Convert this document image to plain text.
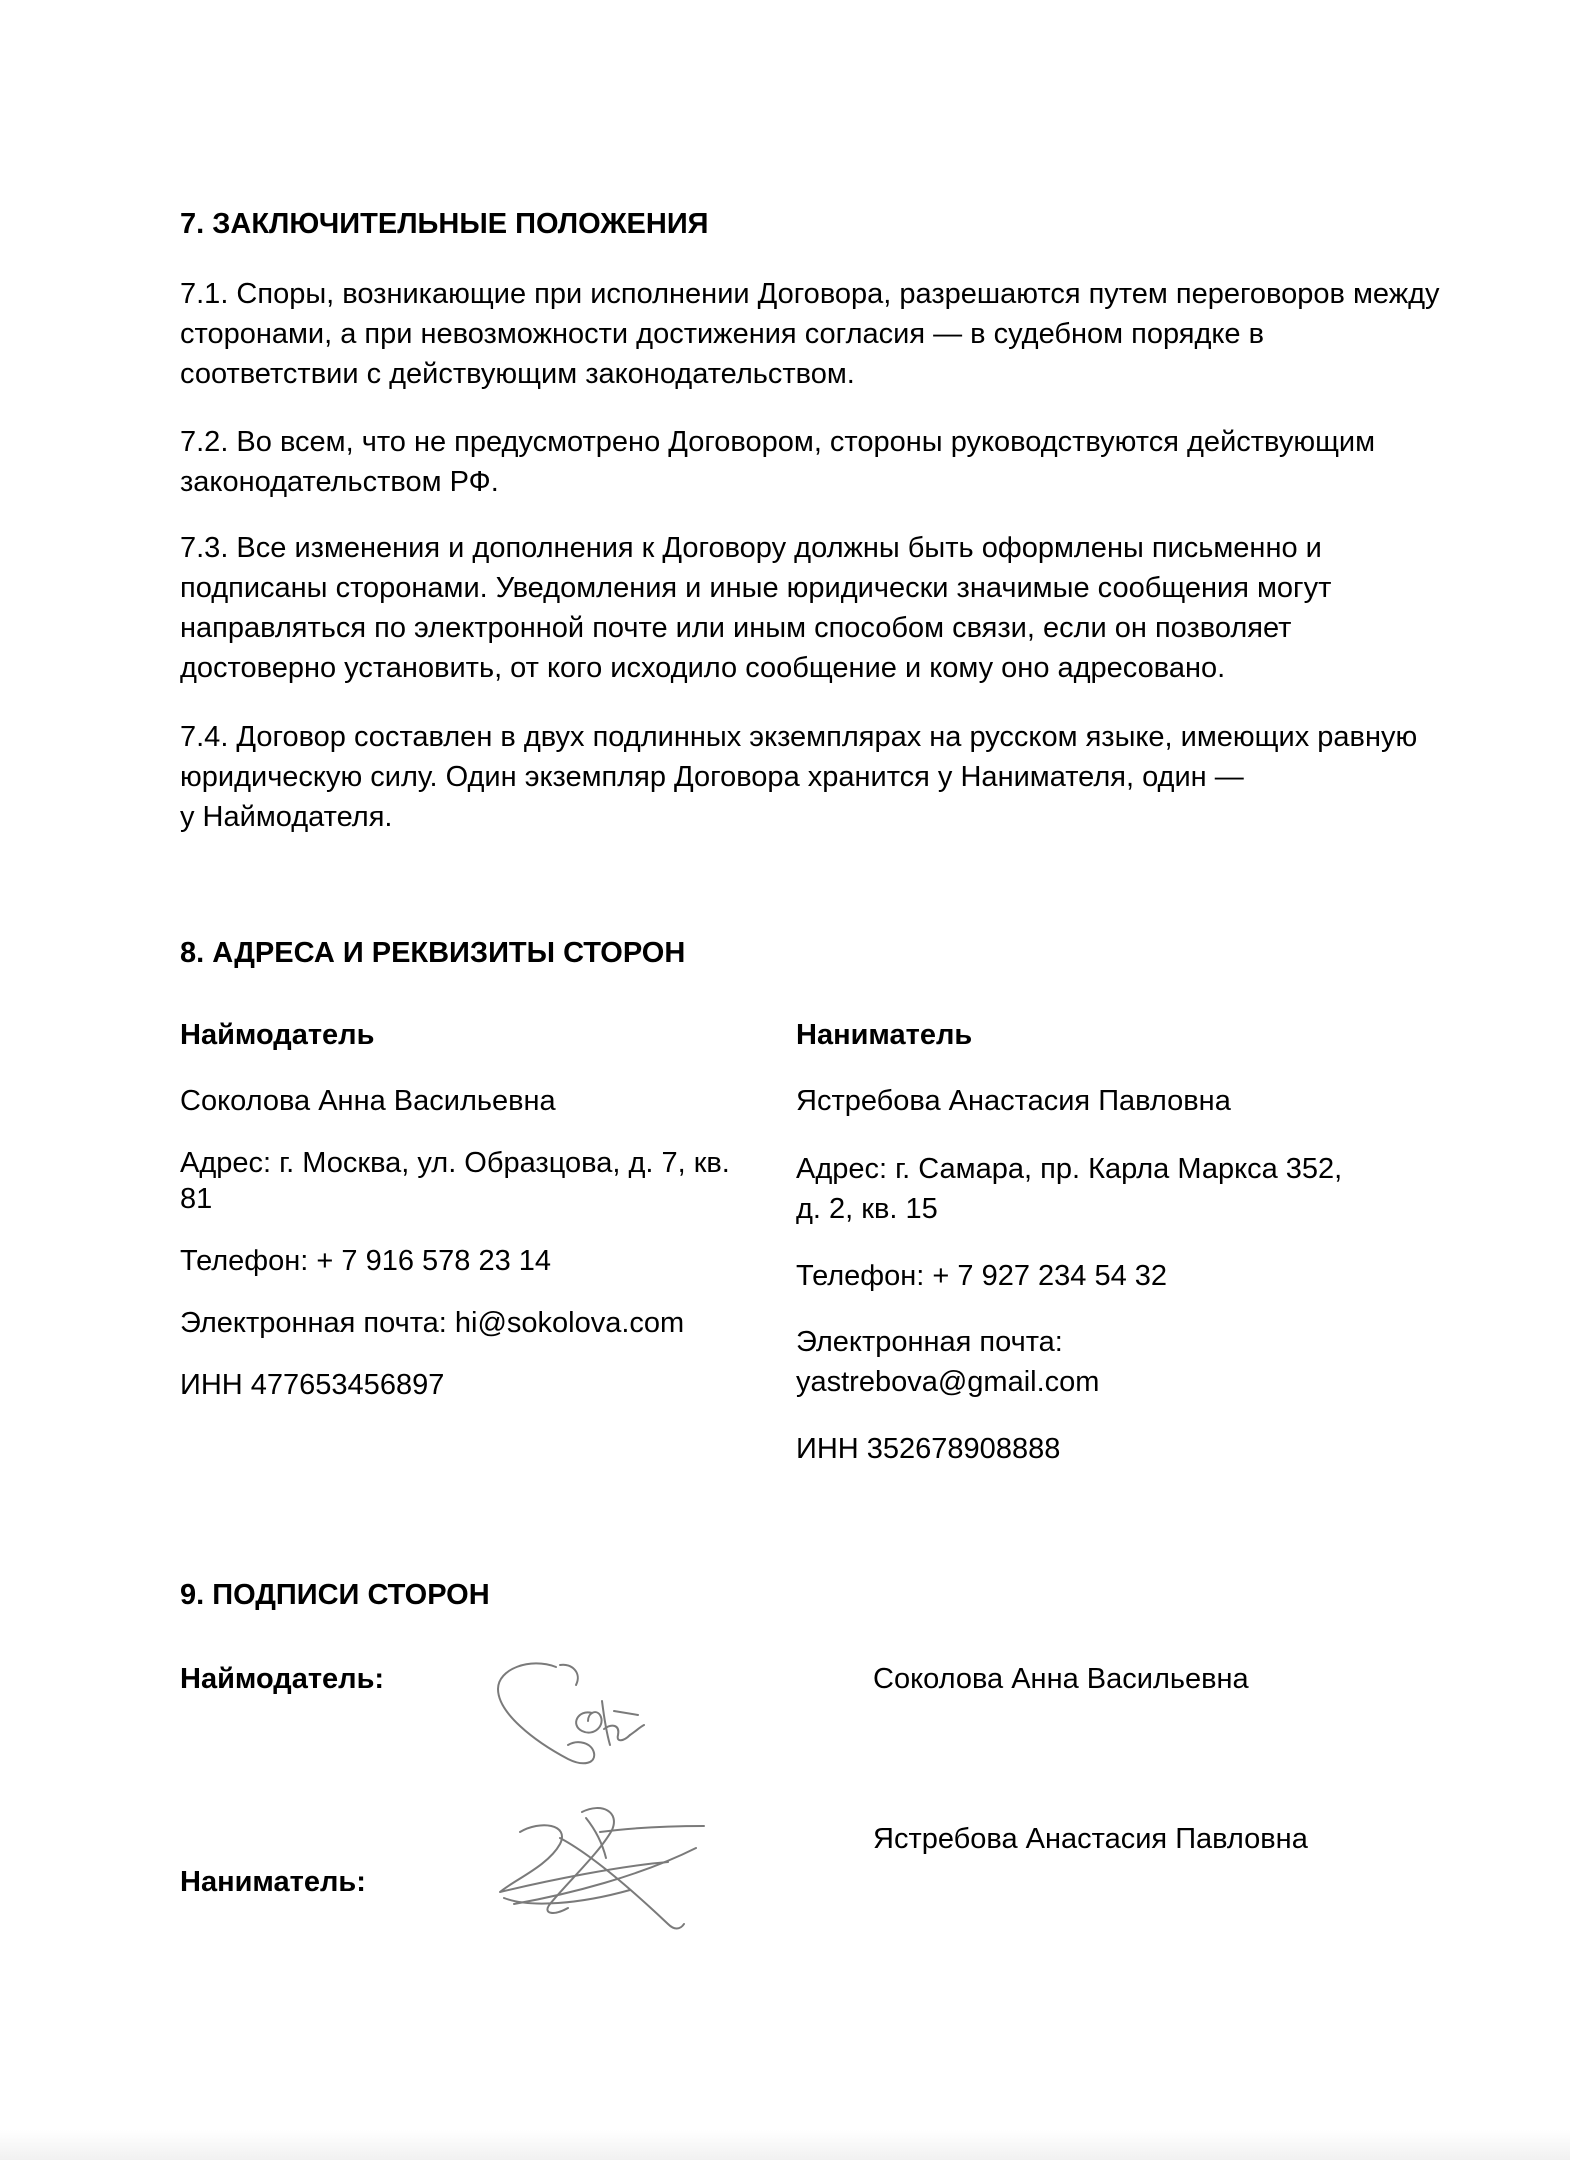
7. ЗАКЛЮЧИТЕЛЬНЫЕ ПОЛОЖЕНИЯ
7.1. Споры, возникающие при исполнении Договора, разрешаются путем переговоров между
сторонами, а при невозможности достижения согласия — в судебном порядке в
соответствии с действующим законодательством.
7.2. Во всем, что не предусмотрено Договором, стороны руководствуются действующим
законодательством РФ.
7.3. Все изменения и дополнения к Договору должны быть оформлены письменно и
подписаны сторонами. Уведомления и иные юридически значимые сообщения могут
направляться по электронной почте или иным способом связи, если он позволяет
достоверно установить, от кого исходило сообщение и кому оно адресовано.
7.4. Договор составлен в двух подлинных экземплярах на русском языке, имеющих равную
юридическую силу. Один экземпляр Договора хранится у Нанимателя, один —
у Наймодателя.
8. АДРЕСА И РЕКВИЗИТЫ СТОРОН
Наймодатель
Соколова Анна Васильевна
Адрес: г. Москва, ул. Образцова, д. 7, кв.
81
Телефон: + 7 916 578 23 14
Электронная почта: hi@sokolova.com
ИНН 477653456897
Наниматель
Ястребова Анастасия Павловна
Адрес: г. Самара, пр. Карла Маркса 352,
д. 2, кв. 15
Телефон: + 7 927 234 54 32
Электронная почта:
yastrebova@gmail.com
ИНН 352678908888
9. ПОДПИСИ СТОРОН
Наймодатель:	Соколова Анна Васильевна
Ястребова Анастасия Павловна
Наниматель:
